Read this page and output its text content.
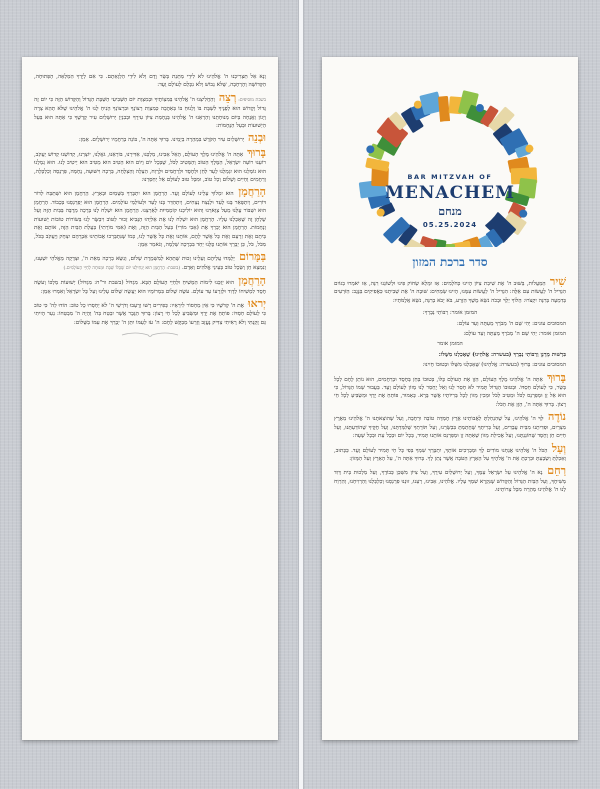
וְנָא אַל תַּצְרִיכֵנוּ ה' אֱלֹהֵינוּ לֹא לִידֵי מַתְּנַת בָּשָׂר וָדָם וְלֹא לִידֵי הַלְוָאָתָם. כִּי אִם לְיָדְךָ הַמְּלֵאָה, הַפְּתוּחָה, הַקְּדוֹשָׁה וְהָרְחָבָה, שֶׁלֹּא נֵבוֹשׁ וְלֹא נִכָּלֵם לְעוֹלָם וָעֶד:

בשבת מוסיפים: רְצֵה וְהַחֲלִיצֵנוּ ה' אֱלֹהֵינוּ בְּמִצְוֹתֶיךָ וּבְמִצְוַת יוֹם הַשְּׁבִיעִי הַשַּׁבָּת הַגָּדוֹל וְהַקָּדוֹשׁ הַזֶּה כִּי יוֹם זֶה גָּדוֹל וְקָדוֹשׁ הוּא לְפָנֶיךָ לִשְׁבָּת בּוֹ וְלָנוּחַ בּוֹ בְּאַהֲבָה כְּמִצְוַת רְצוֹנֶךָ וּבִרְצוֹנְךָ הָנִיחַ לָנוּ ה' אֱלֹהֵינוּ שֶׁלֹּא תְהֵא צָרָה וְיָגוֹן וַאֲנָחָה בְּיוֹם מְנוּחָתֵנוּ וְהַרְאֵנוּ ה' אֱלֹהֵינוּ בְּנֶחָמַת צִיּוֹן עִירֶךָ וּבְבִנְיַן יְרוּשָׁלַיִם עִיר קָדְשֶׁךָ כִּי אַתָּה הוּא בַּעַל הַיְשׁוּעוֹת וּבַעַל הַנֶּחָמוֹת:

וּבְנֵה יְרוּשָׁלַיִם עִיר הַקֹּדֶשׁ בִּמְהֵרָה בְיָמֵינוּ. בָּרוּךְ אַתָּה ה', בּוֹנֵה בְרַחֲמָיו יְרוּשָׁלָיִם. אָמֵן:

בָּרוּךְ אַתָּה ה' אֱלֹהֵינוּ מֶלֶךְ הָעוֹלָם, הָאֵל אָבִינוּ, מַלְכֵּנוּ, אַדִּירֵנוּ, בּוֹרְאֵנוּ, גֹּאֲלֵנוּ, יוֹצְרֵנוּ, קְדוֹשֵׁנוּ קְדוֹשׁ יַעֲקֹב, רוֹעֵנוּ רוֹעֵה יִשְׂרָאֵל, הַמֶּלֶךְ הַטּוֹב וְהַמֵּטִיב לַכֹּל, שֶׁבְּכָל יוֹם וָיוֹם הוּא הֵטִיב הוּא מֵטִיב הוּא יֵיטִיב לָנוּ. הוּא גְמָלָנוּ הוּא גוֹמְלֵנוּ הוּא יִגְמְלֵנוּ לָעַד לְחֵן וּלְחֶסֶד וּלְרַחֲמִים וּלְרֶוַח, הַצָּלָה וְהַצְלָחָה, בְּרָכָה וִישׁוּעָה, נֶחָמָה, פַּרְנָסָה וְכַלְכָּלָה, וְרַחֲמִים וְחַיִּים וְשָׁלוֹם וְכָל טוֹב, וּמִכָּל טוּב לְעוֹלָם אַל יְחַסְּרֵנוּ:

הָרַחֲמָן הוּא יִמְלוֹךְ עָלֵינוּ לְעוֹלָם וָעֶד. הָרַחֲמָן הוּא יִתְבָּרַךְ בַּשָּׁמַיִם וּבָאָרֶץ. הָרַחֲמָן הוּא יִשְׁתַּבַּח לְדוֹר דּוֹרִים, וְיִתְפָּאַר בָּנוּ לָעַד וּלְנֵצַח נְצָחִים, וְיִתְהַדַּר בָּנוּ לָעַד וּלְעוֹלְמֵי עוֹלָמִים. הָרַחֲמָן הוּא יְפַרְנְסֵנוּ בְּכָבוֹד. הָרַחֲמָן הוּא יִשְׁבּוֹר עֻלֵּנוּ מֵעַל צַוָּארֵנוּ וְהוּא יוֹלִיכֵנוּ קוֹמְמִיּוּת לְאַרְצֵנוּ. הָרַחֲמָן הוּא יִשְׁלַח לָנוּ בְּרָכָה מְרֻבָּה בַּבַּיִת הַזֶּה וְעַל שֻׁלְחָן זֶה שֶׁאָכַלְנוּ עָלָיו. הָרַחֲמָן הוּא יִשְׁלַח לָנוּ אֶת אֵלִיָּהוּ הַנָּבִיא זָכוּר לַטּוֹב וִיבַשֶּׂר לָנוּ בְּשׂוֹרוֹת טוֹבוֹת יְשׁוּעוֹת וְנֶחָמוֹת. הָרַחֲמָן הוּא יְבָרֵךְ אֶת (אָבִי מוֹרִי) בַּעַל הַבַּיִת הַזֶּה, וְאֶת (אִמִּי מוֹרָתִי) בַּעֲלַת הַבַּיִת הַזֶּה, אוֹתָם וְאֶת בֵּיתָם וְאֶת זַרְעָם וְאֶת כָּל אֲשֶׁר לָהֶם, אוֹתָנוּ וְאֶת כָּל אֲשֶׁר לָנוּ, כְּמוֹ שֶׁנִּתְבָּרְכוּ אֲבוֹתֵינוּ אַבְרָהָם יִצְחָק וְיַעֲקֹב בַּכֹּל, מִכֹּל, כֹּל, כֵּן יְבָרֵךְ אוֹתָנוּ כֻּלָּנוּ יַחַד בִּבְרָכָה שְׁלֵמָה, וְנֹאמַר אָמֵן:

בַּמָּרוֹם יְלַמְּדוּ עֲלֵיהֶם וְעָלֵינוּ זְכוּת שֶׁתְּהֵא לְמִשְׁמֶרֶת שָׁלוֹם, וְנִשָּׂא בְרָכָה מֵאֵת ה', וּצְדָקָה מֵאֱלֹהֵי יִשְׁעֵנוּ, וְנִמְצָא חֵן וְשֵׂכֶל טוֹב בְּעֵינֵי אֱלֹהִים וְאָדָם. (בשבת: הָרַחֲמָן הוּא יַנְחִילֵנוּ יוֹם שֶׁכֻּלּוֹ שַׁבָּת וּמְנוּחָה לְחַיֵּי הָעוֹלָמִים.)

הָרַחֲמָן הוּא יְזַכֵּנוּ לִימוֹת הַמָּשִׁיחַ וּלְחַיֵּי הָעוֹלָם הַבָּא. מִגְדּוֹל (בשבת ור"ח: מִגְדּוֹל) יְשׁוּעוֹת מַלְכּוֹ וְעֹשֶׂה חֶסֶד לִמְשִׁיחוֹ לְדָוִד וּלְזַרְעוֹ עַד עוֹלָם. עֹשֶׂה שָׁלוֹם בִּמְרוֹמָיו הוּא יַעֲשֶׂה שָׁלוֹם עָלֵינוּ וְעַל כָּל יִשְׂרָאֵל וְאִמְרוּ אָמֵן:

יְראוּ אֶת ה' קְדֹשָׁיו כִּי אֵין מַחְסוֹר לִירֵאָיו: כְּפִירִים רָשׁוּ וְרָעֵבוּ וְדֹרְשֵׁי ה' לֹא יַחְסְרוּ כָל טוֹב: הוֹדוּ לַה' כִּי טוֹב כִּי לְעוֹלָם חַסְדּוֹ: פּוֹתֵחַ אֶת יָדֶךָ וּמַשְׂבִּיעַ לְכָל חַי רָצוֹן: בָּרוּךְ הַגֶּבֶר אֲשֶׁר יִבְטַח בַּה' וְהָיָה ה' מִבְטַחוֹ: נַעַר הָיִיתִי גַּם זָקַנְתִּי וְלֹא רָאִיתִי צַדִּיק נֶעֱזָב וְזַרְעוֹ מְבַקֶּשׁ לָחֶם: ה' עֹז לְעַמּוֹ יִתֵּן ה' יְבָרֵךְ אֶת עַמּוֹ בַשָּׁלוֹם:

BAR MITZVAH OF
MENACHEM
מנחם
05.25.2024
סדר ברכת המזון

שִׁיר הַמַּעֲלוֹת, בְּשׁוּב ה' אֶת שִׁיבַת צִיּוֹן הָיִינוּ כְּחֹלְמִים: אָז יִמָּלֵא שְׂחוֹק פִּינוּ וּלְשׁוֹנֵנוּ רִנָּה, אָז יֹאמְרוּ בַגּוֹיִם הִגְדִּיל ה' לַעֲשׂוֹת עִם אֵלֶּה: הִגְדִּיל ה' לַעֲשׂוֹת עִמָּנוּ, הָיִינוּ שְׂמֵחִים: שׁוּבָה ה' אֶת שְׁבִיתֵנוּ כַּאֲפִיקִים בַּנֶּגֶב: הַזֹּרְעִים בְּדִמְעָה בְּרִנָּה יִקְצֹרוּ: הָלוֹךְ יֵלֵךְ וּבָכֹה נֹשֵׂא מֶשֶׁךְ הַזָּרַע, בֹּא יָבֹא בְרִנָּה, נֹשֵׂא אֲלֻמֹּתָיו:

המזמן אומר: רַבּוֹתַי נְבָרֵךְ:

המסובים עונים: יְהִי שֵׁם ה' מְבֹרָךְ מֵעַתָּה וְעַד עוֹלָם:

המזמן אומר: יְהִי שֵׁם ה' מְבֹרָךְ מֵעַתָּה וְעַד עוֹלָם:

המזמן אומר

בִּרְשׁוּת מָרָנָן וְרַבּוֹתַי נְבָרֵךְ (בעשרה: אֱלֹהֵינוּ) שֶׁאָכַלְנוּ מִשֶּׁלּוֹ:

המסובים עונים: בָּרוּךְ (בעשרה: אֱלֹהֵינוּ) שֶׁאָכַלְנוּ מִשֶּׁלּוֹ וּבְטוּבוֹ חָיִינוּ:

בָּרוּךְ אַתָּה ה' אֱלֹהֵינוּ מֶלֶךְ הָעוֹלָם, הַזָּן אֶת הָעוֹלָם כֻּלּוֹ, בְּטוּבוֹ בְּחֵן בְּחֶסֶד וּבְרַחֲמִים, הוּא נוֹתֵן לֶחֶם לְכָל בָּשָׂר, כִּי לְעוֹלָם חַסְדּוֹ. וּבְטוּבוֹ הַגָּדוֹל תָּמִיד לֹא חָסַר לָנוּ וְאַל יֶחְסַר לָנוּ מָזוֹן לְעוֹלָם וָעֶד. בַּעֲבוּר שְׁמוֹ הַגָּדוֹל, כִּי הוּא אֵל זָן וּמְפַרְנֵס לַכֹּל וּמֵטִיב לַכֹּל וּמֵכִין מָזוֹן לְכָל בְּרִיּוֹתָיו אֲשֶׁר בָּרָא. כָּאָמוּר, פּוֹתֵחַ אֶת יָדֶךָ וּמַשְׂבִּיעַ לְכָל חַי רָצוֹן. בָּרוּךְ אַתָּה ה', הַזָּן אֶת הַכֹּל:

נוֹדֶה לְּךָ ה' אֱלֹהֵינוּ, עַל שֶׁהִנְחַלְתָּ לַאֲבוֹתֵינוּ אֶרֶץ חֶמְדָּה טוֹבָה וּרְחָבָה, וְעַל שֶׁהוֹצֵאתָנוּ ה' אֱלֹהֵינוּ מֵאֶרֶץ מִצְרַיִם, וּפְדִיתָנוּ מִבֵּית עֲבָדִים, וְעַל בְּרִיתְךָ שֶׁחָתַמְתָּ בִּבְשָׂרֵנוּ, וְעַל תּוֹרָתְךָ שֶׁלִּמַּדְתָּנוּ, וְעַל חֻקֶּיךָ שֶׁהוֹדַעְתָּנוּ, וְעַל חַיִּים חֵן וָחֶסֶד שֶׁחוֹנַנְתָּנוּ, וְעַל אֲכִילַת מָזוֹן שָׁאַתָּה זָן וּמְפַרְנֵס אוֹתָנוּ תָּמִיד, בְּכָל יוֹם וּבְכָל עֵת וּבְכָל שָׁעָה:

וְעַל הַכֹּל ה' אֱלֹהֵינוּ אֲנַחְנוּ מוֹדִים לָךְ וּמְבָרְכִים אוֹתָךְ, יִתְבָּרַךְ שִׁמְךָ בְּפִי כָּל חַי תָּמִיד לְעוֹלָם וָעֶד. כַּכָּתוּב, וְאָכַלְתָּ וְשָׂבָעְתָּ וּבֵרַכְתָּ אֶת ה' אֱלֹהֶיךָ עַל הָאָרֶץ הַטֹּבָה אֲשֶׁר נָתַן לָךְ. בָּרוּךְ אַתָּה ה', עַל הָאָרֶץ וְעַל הַמָּזוֹן:

רַחֵם נָא ה' אֱלֹהֵינוּ עַל יִשְׂרָאֵל עַמֶּךָ, וְעַל יְרוּשָׁלַיִם עִירֶךָ, וְעַל צִיּוֹן מִשְׁכַּן כְּבוֹדֶךָ, וְעַל מַלְכוּת בֵּית דָּוִד מְשִׁיחֶךָ, וְעַל הַבַּיִת הַגָּדוֹל וְהַקָּדוֹשׁ שֶׁנִּקְרָא שִׁמְךָ עָלָיו. אֱלֹהֵינוּ, אָבִינוּ, רְעֵנוּ, זוּנֵנוּ פַּרְנְסֵנוּ וְכַלְכְּלֵנוּ וְהַרְוִיחֵנוּ, וְהַרְוַח לָנוּ ה' אֱלֹהֵינוּ מְהֵרָה מִכָּל צָרוֹתֵינוּ.
